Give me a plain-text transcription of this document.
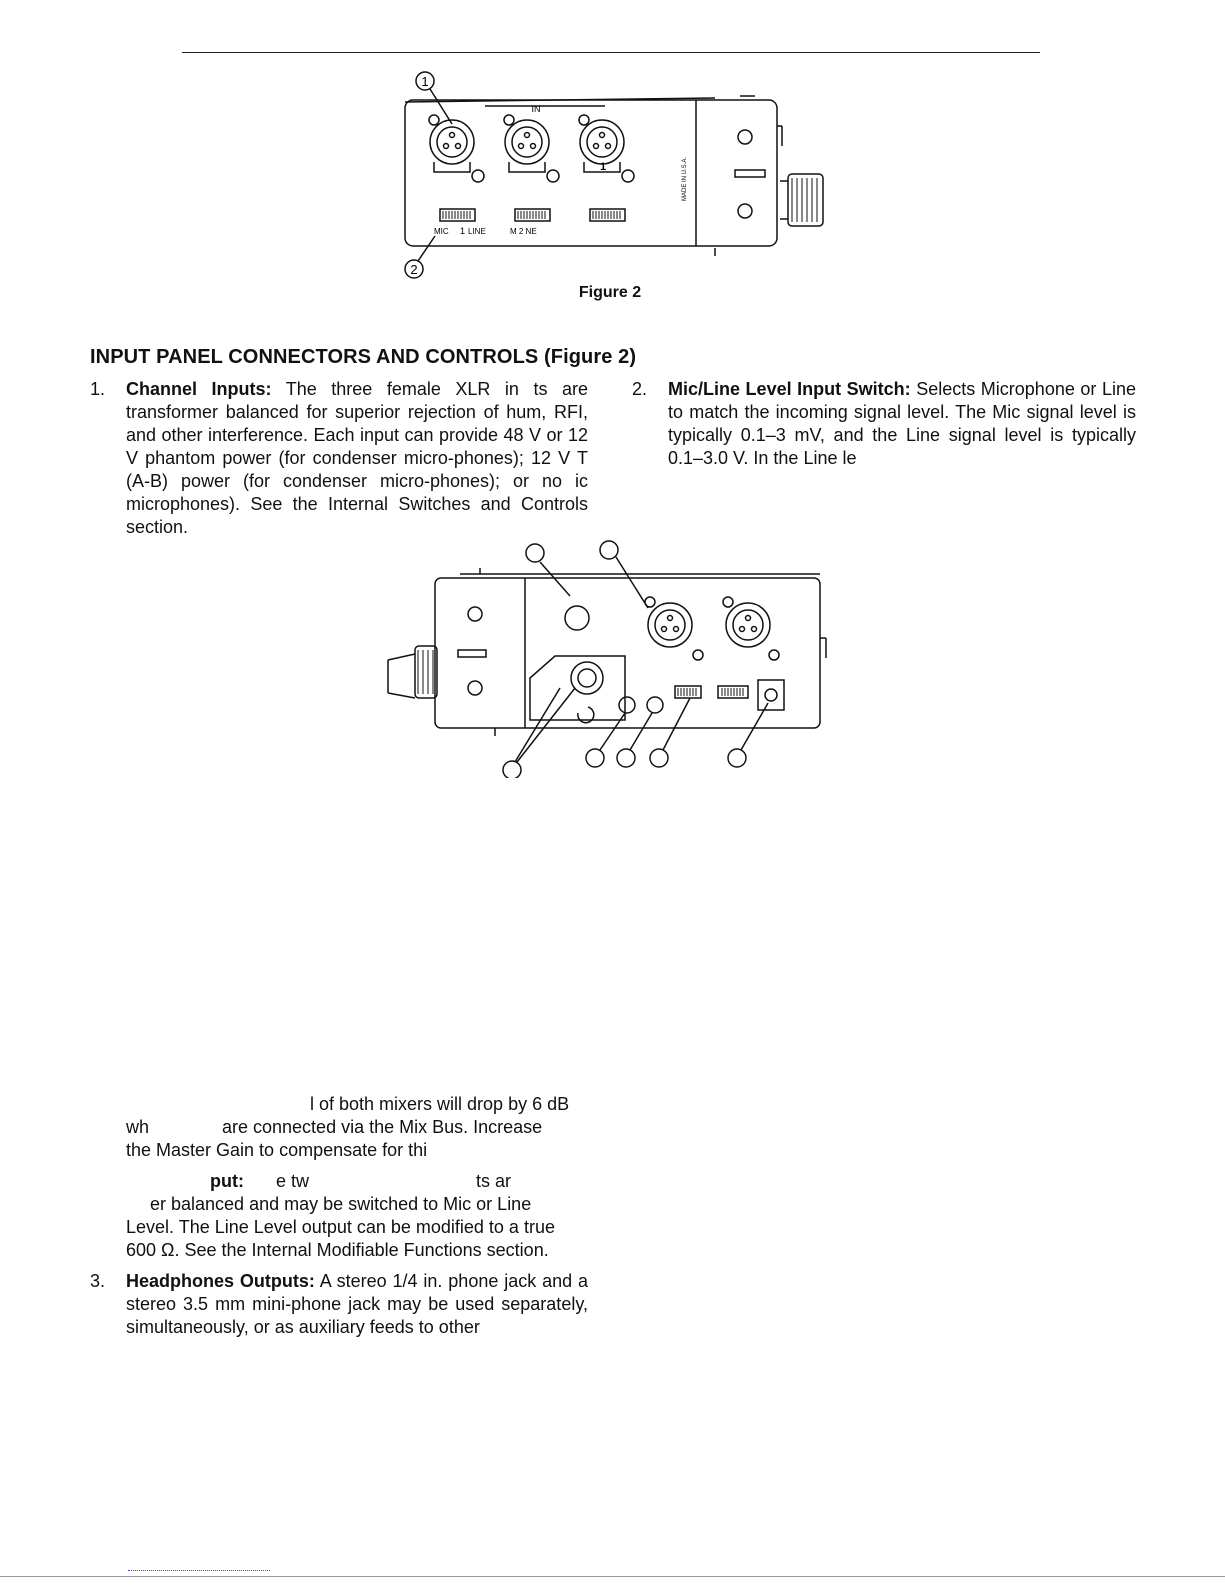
1
2
IN
MIC 1 LINE	M 2 NE
1	MADE IN U.S.A.
Figure 2
INPUT PANEL CONNECTORS AND CONTROLS (Figure 2)
1. Channel Inputs: The three female XLR in ts are transformer balanced for superior rejection of hum, RFI, and other interference. Each input can provide 48 V or 12 V phantom power (for condenser micro-phones); 12 V T (A-B) power (for condenser micro-phones); or no ic microphones). See the Internal Switches and Controls section.
2. Mic/Line Level Input Switch: Selects Microphone or Line to match the incoming signal level. The Mic signal level is typically 0.1–3 mV, and the Line signal level is typically 0.1–3.0 V. In the Line le
l of both mixers will drop by 6 dB
wh	are connected via the Mix Bus. Increase
the Master Gain to compensate for thi
put: e tw	ts ar
er balanced and may be switched to Mic or Line
Level. The Line Level output can be modified to a true
600 Ω. See the Internal Modifiable Functions section.
3. Headphones Outputs: A stereo 1/4 in. phone jack and a stereo 3.5 mm mini-phone jack may be used separately, simultaneously, or as auxiliary feeds to other
